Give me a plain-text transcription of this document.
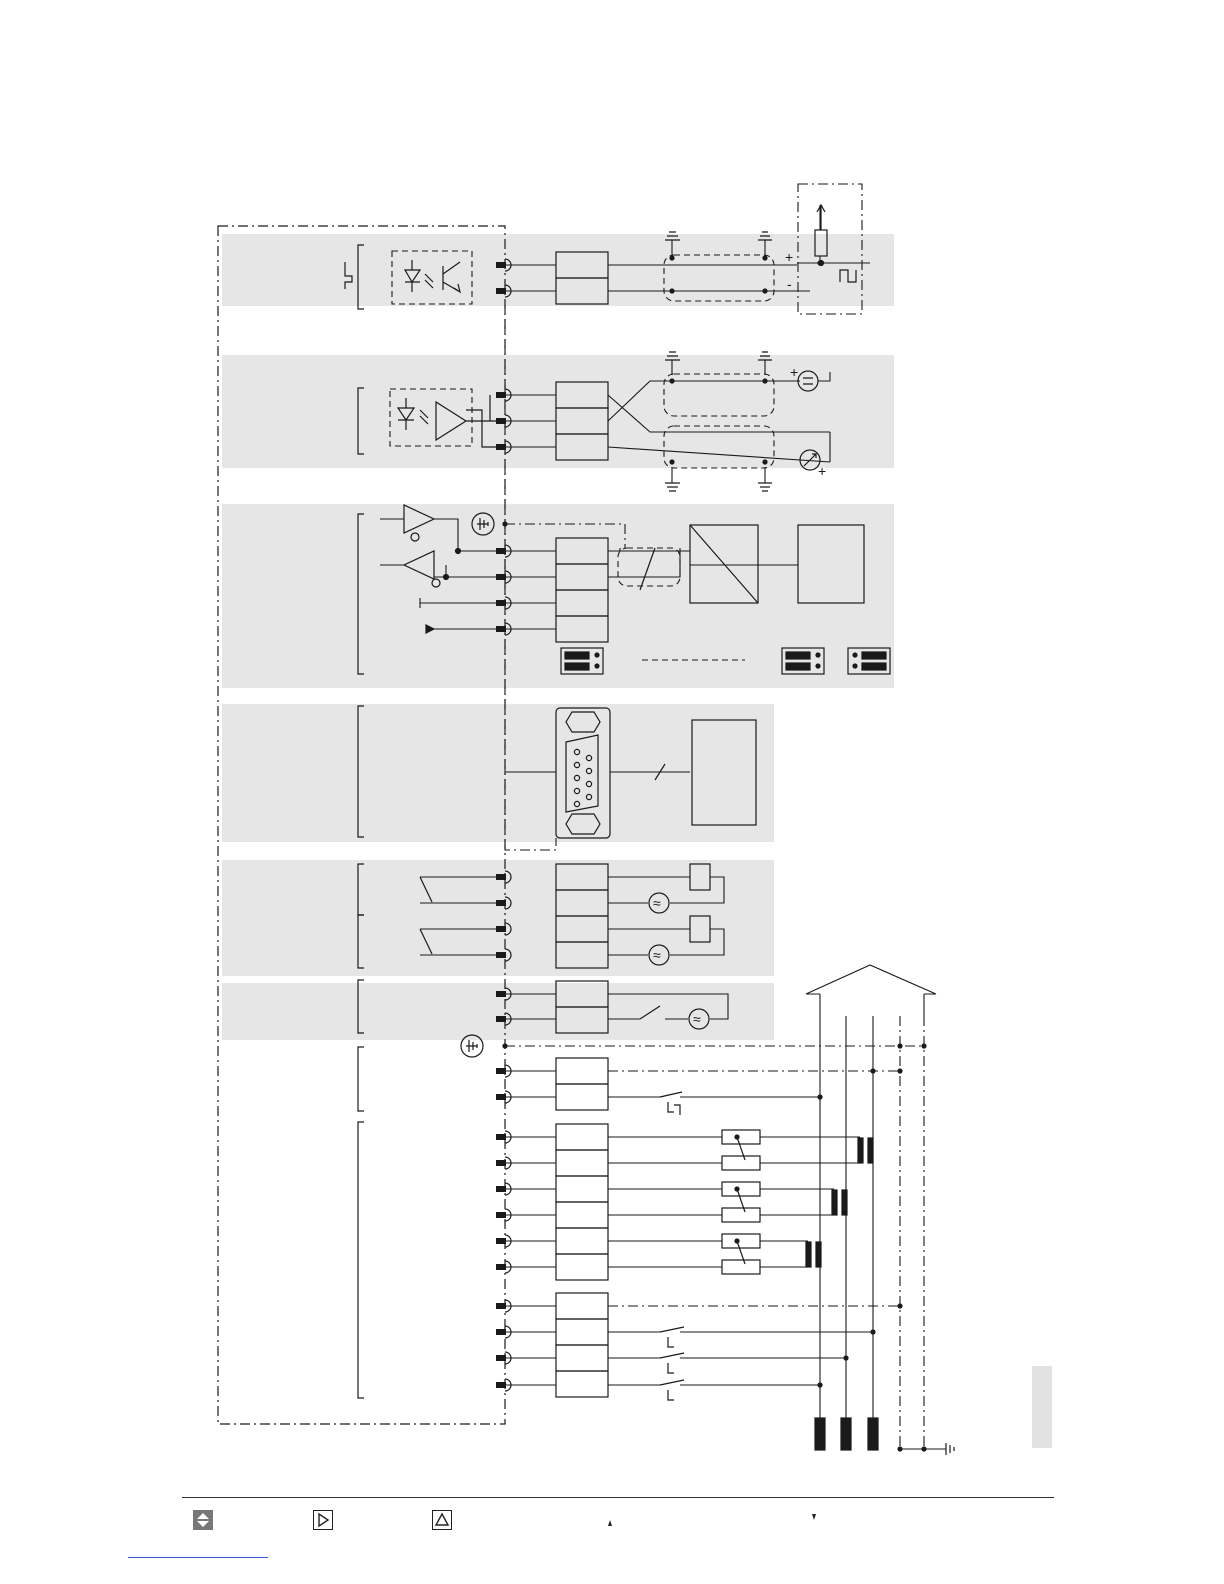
+
-
+
+
≈
≈
≈
